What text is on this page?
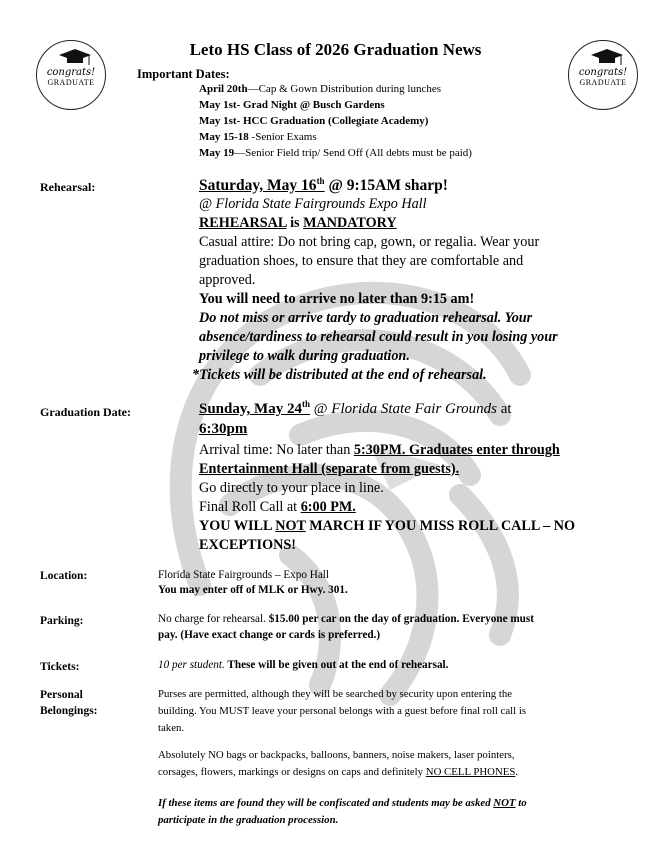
congrats!
GRADUATE
congrats!
GRADUATE
Leto HS Class of 2026 Graduation News
Important Dates:
April 20th—Cap & Gown Distribution during lunches
May 1st- Grad Night @ Busch Gardens
May 1st- HCC Graduation (Collegiate Academy)
May 15-18 -Senior Exams
May 19—Senior Field trip/ Send Off (All debts must be paid)
Rehearsal:	Saturday, May 16th @ 9:15AM sharp!
@ Florida State Fairgrounds Expo Hall
REHEARSAL is MANDATORY
Casual attire: Do not bring cap, gown, or regalia. Wear your
graduation shoes, to ensure that they are comfortable and
approved.
You will need to arrive no later than 9:15 am!
Do not miss or arrive tardy to graduation rehearsal. Your
absence/tardiness to rehearsal could result in you losing your
privilege to walk during graduation.
*Tickets will be distributed at the end of rehearsal.
Graduation Date:	Sunday, May 24th @ Florida State Fair Grounds at
6:30pm
Arrival time: No later than 5:30PM. Graduates enter through
Entertainment Hall (separate from guests).
Go directly to your place in line.
Final Roll Call at 6:00 PM.
YOU WILL NOT MARCH IF YOU MISS ROLL CALL – NO
EXCEPTIONS!
Location:	Florida State Fairgrounds – Expo Hall
You may enter off of MLK or Hwy. 301.
Parking:	No charge for rehearsal. $15.00 per car on the day of graduation. Everyone must
pay. (Have exact change or cards is preferred.)
Tickets:	10 per student. These will be given out at the end of rehearsal.
Personal
Belongings:
Purses are permitted, although they will be searched by security upon entering the
building. You MUST leave your personal belongs with a guest before final roll call is
taken.
Absolutely NO bags or backpacks, balloons, banners, noise makers, laser pointers,
corsages, flowers, markings or designs on caps and definitely NO CELL PHONES.
If these items are found they will be confiscated and students may be asked NOT to
participate in the graduation procession.
